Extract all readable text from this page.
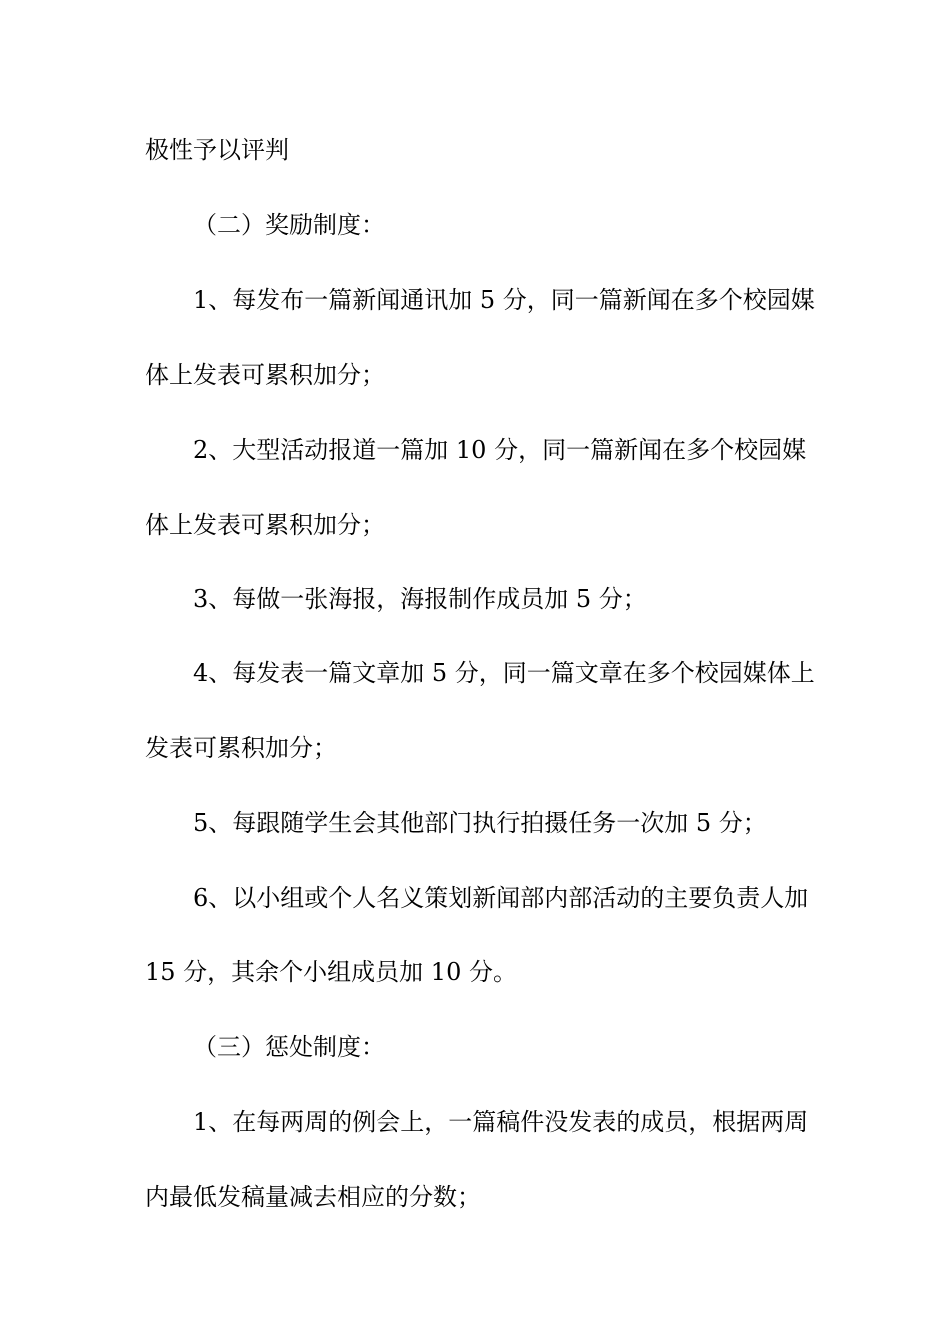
极性予以评判
（二）奖励制度：
1、每发布一篇新闻通讯加 5 分，同一篇新闻在多个校园媒
体上发表可累积加分；
2、大型活动报道一篇加 10 分，同一篇新闻在多个校园媒
体上发表可累积加分；
3、每做一张海报，海报制作成员加 5 分；
4、每发表一篇文章加 5 分，同一篇文章在多个校园媒体上
发表可累积加分；
5、每跟随学生会其他部门执行拍摄任务一次加 5 分；
6、以小组或个人名义策划新闻部内部活动的主要负责人加
15 分，其余个小组成员加 10 分。
（三）惩处制度：
1、在每两周的例会上，一篇稿件没发表的成员，根据两周
内最低发稿量减去相应的分数；
